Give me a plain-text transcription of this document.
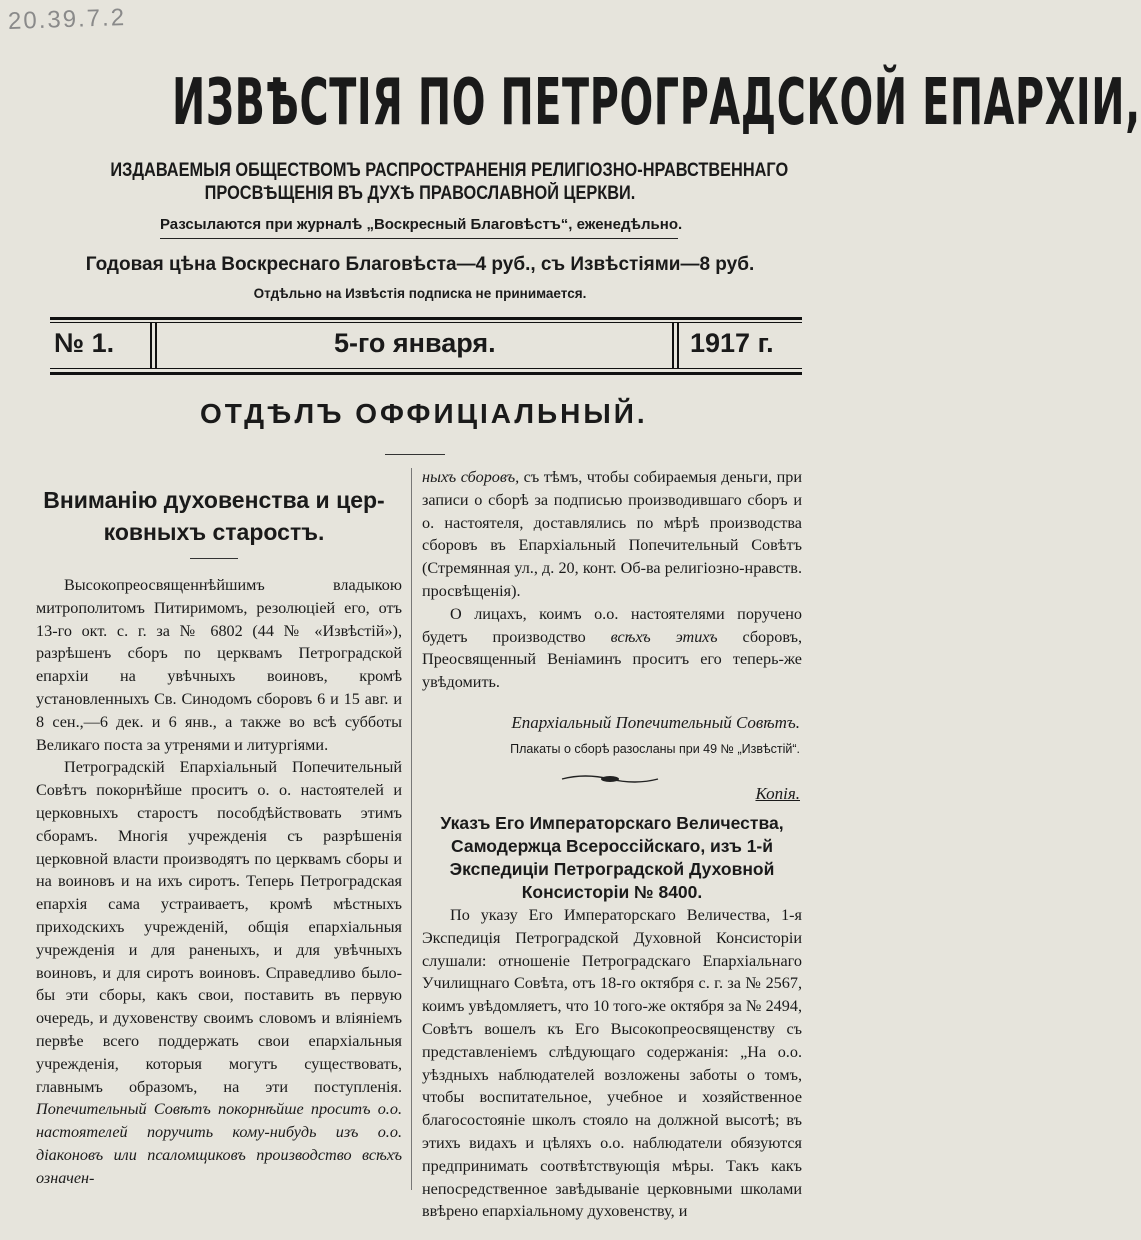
20.39.7.2
ИЗВѢСТІЯ ПО ПЕТРОГРАДСКОЙ ЕПАРХІИ,
ИЗДАВАЕМЫЯ ОБЩЕСТВОМЪ РАСПРОСТРАНЕНІЯ РЕЛИГІОЗНО-НРАВСТВЕННАГО
ПРОСВѢЩЕНІЯ ВЪ ДУХѢ ПРАВОСЛАВНОЙ ЦЕРКВИ.
Разсылаются при журналѣ „Воскресный Благовѣстъ“, еженедѣльно.
Годовая цѣна Воскреснаго Благовѣста—4 руб., съ Извѣстіями—8 руб.
Отдѣльно на Извѣстія подписка не принимается.
№ 1.	5-го января.	1917 г.
ОТДѢЛЪ ОФФИЦІАЛЬНЫЙ.
Вниманію духовенства и цер-
ковныхъ старостъ.

Высокопреосвященнѣйшимъ владыкою митрополитомъ Питиримомъ, резолюціей его, отъ 13-го окт. с. г. за № 6802 (44 № «Извѣстій»), разрѣшенъ сборъ по церквамъ Петроградской епархіи на увѣчныхъ воиновъ, кромѣ установленныхъ Св. Синодомъ сборовъ 6 и 15 авг. и 8 сен.,—6 дек. и 6 янв., а также во всѣ субботы Великаго поста за утренями и литургіями.

Петроградскій Епархіальный Попечительный Совѣтъ покорнѣйше проситъ о. о. настоятелей и церковныхъ старостъ пособдѣйствовать этимъ сборамъ. Многія учрежденія съ разрѣшенія церковной власти производятъ по церквамъ сборы и на воиновъ и на ихъ сиротъ. Теперь Петроградская епархія сама устраиваетъ, кромѣ мѣстныхъ приходскихъ учрежденій, общія епархіальныя учрежденія и для раненыхъ, и для увѣчныхъ воиновъ, и для сиротъ воиновъ. Справедливо было-бы эти сборы, какъ свои, поставить въ первую очередь, и духовенству своимъ словомъ и вліяніемъ первѣе всего поддержать свои епархіальныя учрежденія, которыя могутъ существовать, главнымъ образомъ, на эти поступленія. Попечительный Совѣтъ покорнѣйше проситъ о.о. настоятелей поручить кому-нибудь изъ о.о. діаконовъ или псаломщиковъ производство всѣхъ означен-

ныхъ сборовъ, съ тѣмъ, чтобы собираемыя деньги, при записи о сборѣ за подписью производившаго сборъ и о. настоятеля, доставлялись по мѣрѣ производства сборовъ въ Епархіальный Попечительный Совѣтъ (Стремянная ул., д. 20, конт. Об-ва религіозно-нравств. просвѣщенія).

О лицахъ, коимъ о.о. настоятелями поручено будетъ производство всѣхъ этихъ сборовъ, Преосвященный Веніаминъ проситъ его теперь-же увѣдомить.

Епархіальный Попечительный Совѣтъ.
Плакаты о сборѣ разосланы при 49 № „Извѣстій“.
Копія.
Указъ Его Императорскаго Величества, Самодержца Всероссійскаго, изъ 1-й Экспедиціи Петроградской Духовной Консисторіи № 8400.

По указу Его Императорскаго Величества, 1-я Экспедиція Петроградской Духовной Консисторіи слушали: отношеніе Петроградскаго Епархіальнаго Училищнаго Совѣта, отъ 18-го октября с. г. за № 2567, коимъ увѣдомляетъ, что 10 того-же октября за № 2494, Совѣтъ вошелъ къ Его Высокопреосвященству съ представленіемъ слѣдующаго содержанія: „На о.о. уѣздныхъ наблюдателей возложены заботы о томъ, чтобы воспитательное, учебное и хозяйственное благосостояніе школъ стояло на должной высотѣ; въ этихъ видахъ и цѣляхъ о.о. наблюдатели обязуются предпринимать соотвѣтствующія мѣры. Такъ какъ непосредственное завѣдываніе церковными школами ввѣрено епархіальному духовенству, и
